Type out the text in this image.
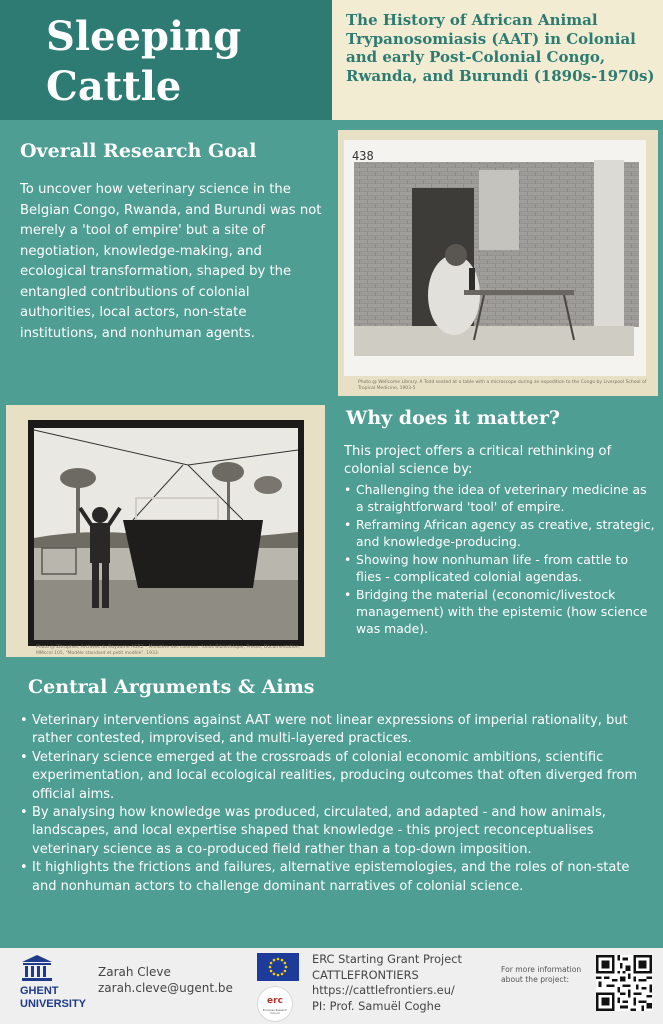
Sleeping
Cattle
The History of African Animal Trypanosomiasis (AAT) in Colonial and early Post-Colonial Congo, Rwanda, and Burundi (1890s-1970s)
Overall Research Goal
To uncover how veterinary science in the Belgian Congo, Rwanda, and Burundi was not merely a 'tool of empire' but a site of negotiation, knowledge-making, and ecological transformation, shaped by the entangled contributions of colonial authorities, local actors, non-state institutions, and nonhuman agents.
438
Photo @ Wellcome Library. A Todd seated at a table with a microscope during an expedition to the Congo by Liverpool School of Tropical Medicine, 1903-5
Photo @ Zitruphes, Archives du Royaume AGR2 – Ministère des colonies: fonds Bibliothèque, Presse, Documentation, MMccol 105, "Modèle standard et petit modèle", 1933.
Why does it matter?
This project offers a critical rethinking of colonial science by:
• Challenging the idea of veterinary medicine as a straightforward 'tool' of empire.
• Reframing African agency as creative, strategic, and knowledge-producing.
• Showing how nonhuman life - from cattle to flies - complicated colonial agendas.
• Bridging the material (economic/livestock management) with the epistemic (how science was made).
Central Arguments & Aims
• Veterinary interventions against AAT were not linear expressions of imperial rationality, but rather contested, improvised, and multi-layered practices.
• Veterinary science emerged at the crossroads of colonial economic ambitions, scientific experimentation, and local ecological realities, producing outcomes that often diverged from official aims.
• By analysing how knowledge was produced, circulated, and adapted - and how animals, landscapes, and local expertise shaped that knowledge - this project reconceptualises veterinary science as a co-produced field rather than a top-down imposition.
• It highlights the frictions and failures, alternative epistemologies, and the roles of non-state and nonhuman actors to challenge dominant narratives of colonial science.
GHENT
UNIVERSITY
Zarah Cleve
zarah.cleve@ugent.be
erc
European Research Council
ERC Starting Grant Project
CATTLEFRONTIERS
https://cattlefrontiers.eu/
PI: Prof. Samuël Coghe
For more information about the project:
